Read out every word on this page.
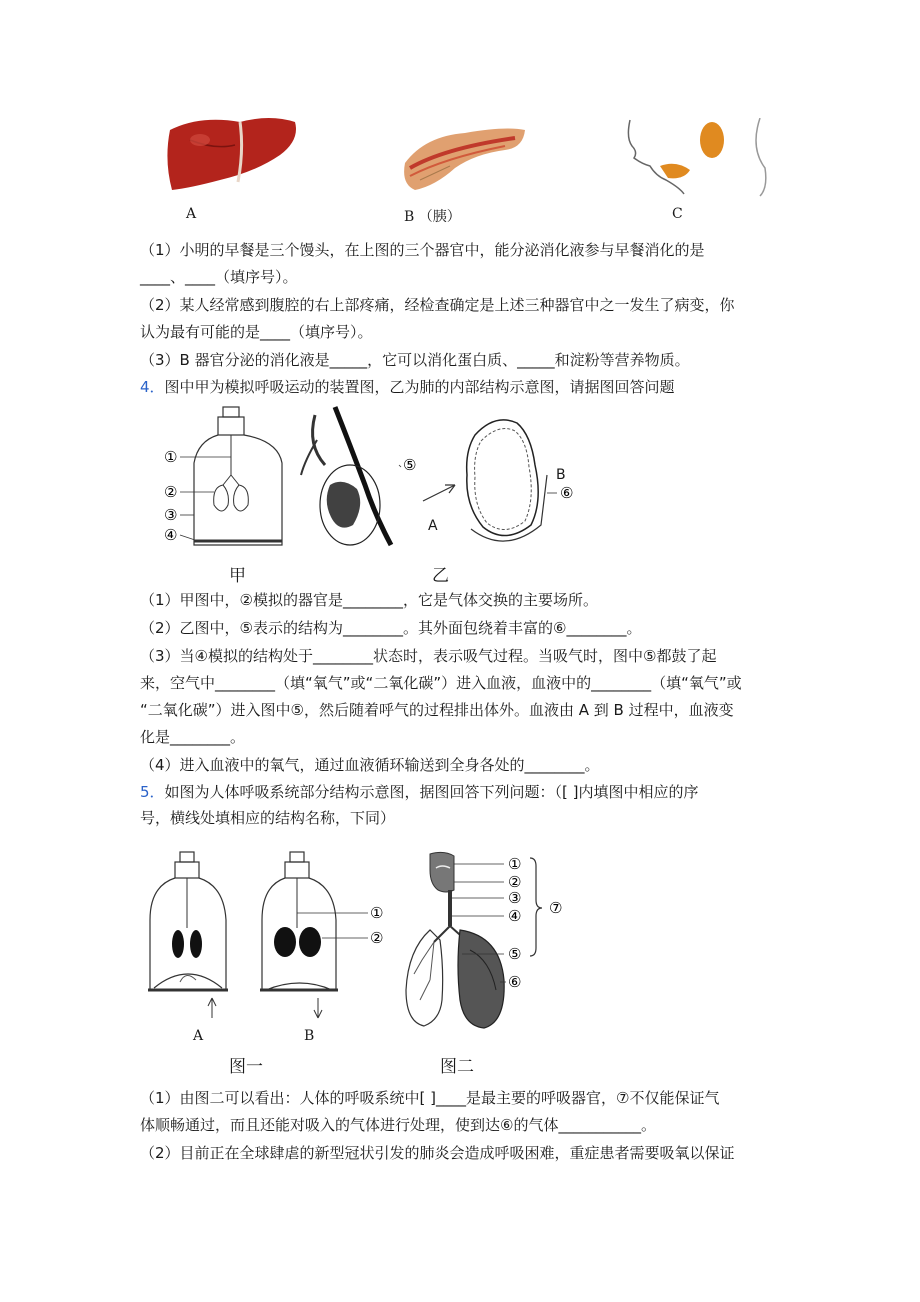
A	B （胰）	C
（1）小明的早餐是三个馒头，在上图的三个器官中，能分泌消化液参与早餐消化的是
____、____（填序号）。
（2）某人经常感到腹腔的右上部疼痛，经检查确定是上述三种器官中之一发生了病变，你
认为最有可能的是____（填序号）。
（3）B 器官分泌的消化液是_____，它可以消化蛋白质、_____和淀粉等营养物质。
4．图中甲为模拟呼吸运动的装置图，乙为肺的内部结构示意图，请据图回答问题
①
②
③
④
⑤
⑥
B
A
甲	乙
（1）甲图中，②模拟的器官是________，它是气体交换的主要场所。
（2）乙图中，⑤表示的结构为________。其外面包绕着丰富的⑥________。
（3）当④模拟的结构处于________状态时，表示吸气过程。当吸气时，图中⑤都鼓了起
来，空气中________（填“氧气”或“二氧化碳”）进入血液，血液中的________（填“氧气”或
“二氧化碳”）进入图中⑤，然后随着呼气的过程排出体外。血液由 A 到 B 过程中，血液变
化是________。
（4）进入血液中的氧气，通过血液循环输送到全身各处的________。
5．如图为人体呼吸系统部分结构示意图，据图回答下列问题：（[ ]内填图中相应的序
号，横线处填相应的结构名称，下同）
①
②
A	B
图一
①
②
③
④
⑤
⑥
⑦
图二
（1）由图二可以看出：人体的呼吸系统中[ ]____是最主要的呼吸器官，⑦不仅能保证气
体顺畅通过，而且还能对吸入的气体进行处理，使到达⑥的气体___________。
（2）目前正在全球肆虐的新型冠状引发的肺炎会造成呼吸困难，重症患者需要吸氧以保证
